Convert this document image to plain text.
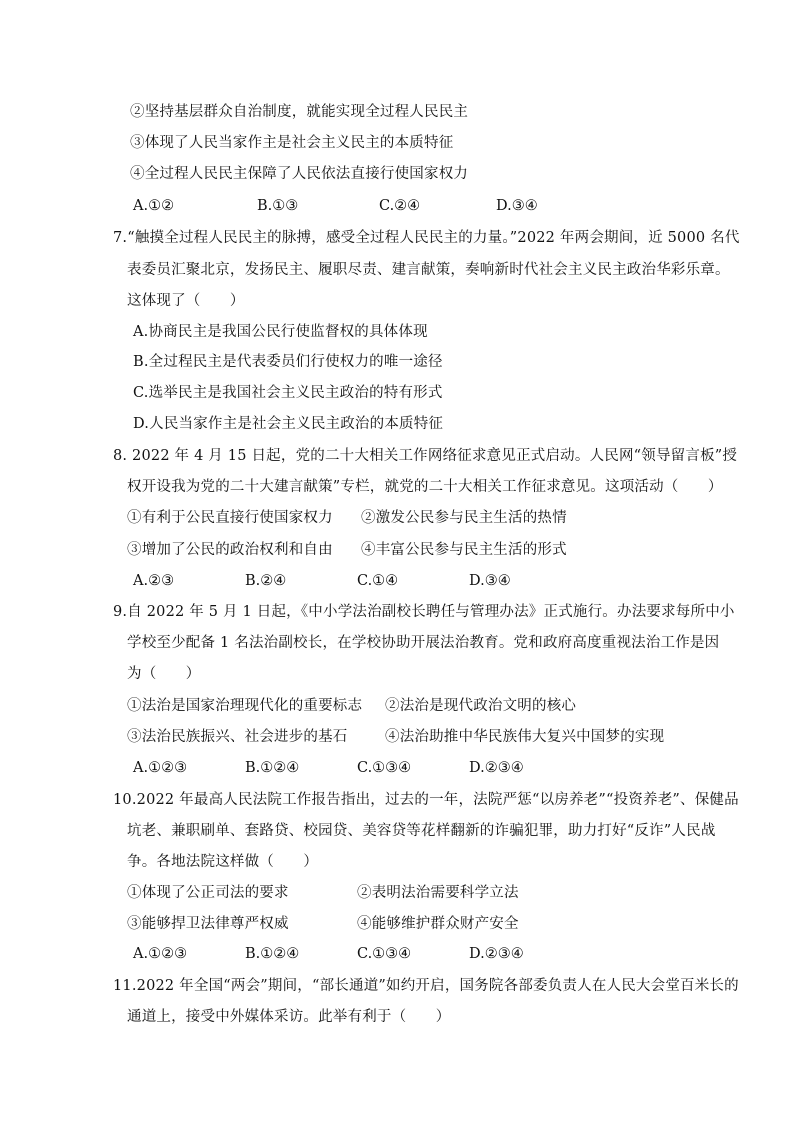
②坚持基层群众自治制度，就能实现全过程人民民主
③体现了人民当家作主是社会主义民主的本质特征
④全过程人民民主保障了人民依法直接行使国家权力
A.①②	B.①③	C.②④	D.③④
7.“触摸全过程人民民主的脉搏，感受全过程人民民主的力量。”2022 年两会期间，近 5000 名代
表委员汇聚北京，发扬民主、履职尽责、建言献策，奏响新时代社会主义民主政治华彩乐章。
这体现了（　　）
A.协商民主是我国公民行使监督权的具体体现
B.全过程民主是代表委员们行使权力的唯一途径
C.选举民主是我国社会主义民主政治的特有形式
D.人民当家作主是社会主义民主政治的本质特征
8. 2022 年 4 月 15 日起，党的二十大相关工作网络征求意见正式启动。人民网“领导留言板”授
权开设我为党的二十大建言献策”专栏，就党的二十大相关工作征求意见。这项活动（　　）
①有利于公民直接行使国家权力 ②激发公民参与民主生活的热情
③增加了公民的政治权利和自由 ④丰富公民参与民主生活的形式
A.②③	B.②④	C.①④	D.③④
9.自 2022 年 5 月 1 日起，《中小学法治副校长聘任与管理办法》正式施行。办法要求每所中小
学校至少配备 1 名法治副校长，在学校协助开展法治教育。党和政府高度重视法治工作是因
为（　　）
①法治是国家治理现代化的重要标志 ②法治是现代政治文明的核心
③法治民族振兴、社会进步的基石	④法治助推中华民族伟大复兴中国梦的实现
A.①②③	B.①②④	C.①③④	D.②③④
10.2022 年最高人民法院工作报告指出，过去的一年，法院严惩“以房养老”“投资养老”、保健品
坑老、兼职刷单、套路贷、校园贷、美容贷等花样翻新的诈骗犯罪，助力打好“反诈”人民战
争。各地法院这样做（　　）
①体现了公正司法的要求	②表明法治需要科学立法
③能够捍卫法律尊严权威	④能够维护群众财产安全
A.①②③	B.①②④	C.①③④	D.②③④
11.2022 年全国“两会”期间，“部长通道”如约开启，国务院各部委负责人在人民大会堂百米长的
通道上，接受中外媒体采访。此举有利于（　　）
